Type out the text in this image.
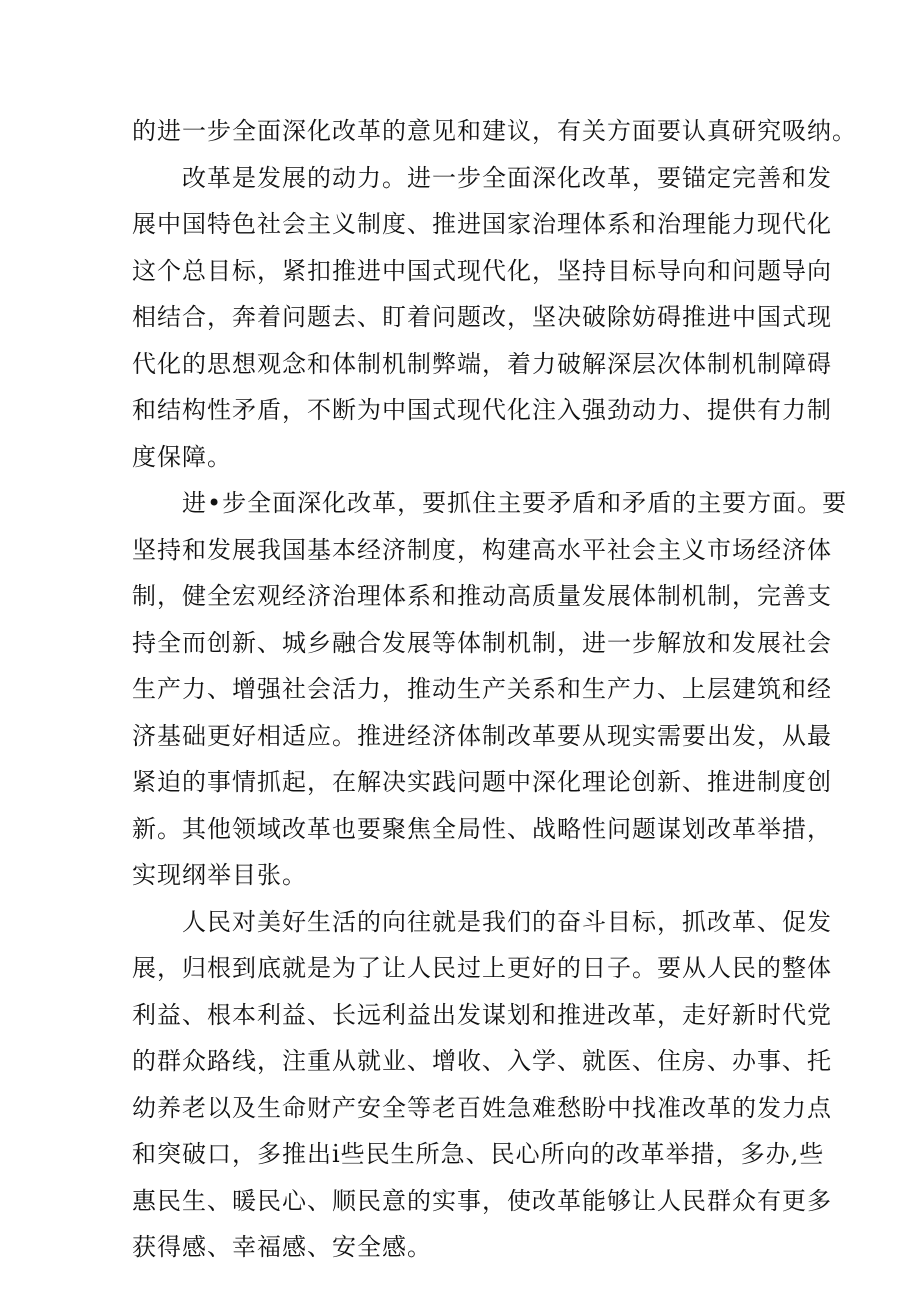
的进一步全面深化改革的意见和建议，有关方面要认真研究吸纳。
改革是发展的动力。进一步全面深化改革，要锚定完善和发
展中国特色社会主义制度、推进国家治理体系和治理能力现代化
这个总目标，紧扣推进中国式现代化，坚持目标导向和问题导向
相结合，奔着问题去、盯着问题改，坚决破除妨碍推进中国式现
代化的思想观念和体制机制弊端，着力破解深层次体制机制障碍
和结构性矛盾，不断为中国式现代化注入强劲动力、提供有力制
度保障。
进•步全面深化改革，要抓住主要矛盾和矛盾的主要方面。要
坚持和发展我国基本经济制度，构建高水平社会主义市场经济体
制，健全宏观经济治理体系和推动高质量发展体制机制，完善支
持全而创新、城乡融合发展等体制机制，进一步解放和发展社会
生产力、增强社会活力，推动生产关系和生产力、上层建筑和经
济基础更好相适应。推进经济体制改革要从现实需要出发，从最
紧迫的事情抓起，在解决实践问题中深化理论创新、推进制度创
新。其他领域改革也要聚焦全局性、战略性问题谋划改革举措，
实现纲举目张。
人民对美好生活的向往就是我们的奋斗目标，抓改革、促发
展，归根到底就是为了让人民过上更好的日子。要从人民的整体
利益、根本利益、长远利益出发谋划和推进改革，走好新时代党
的群众路线，注重从就业、增收、入学、就医、住房、办事、托
幼养老以及生命财产安全等老百姓急难愁盼中找准改革的发力点
和突破口，多推出i些民生所急、民心所向的改革举措，多办,些
惠民生、暖民心、顺民意的实事，使改革能够让人民群众有更多
获得感、幸福感、安全感。
